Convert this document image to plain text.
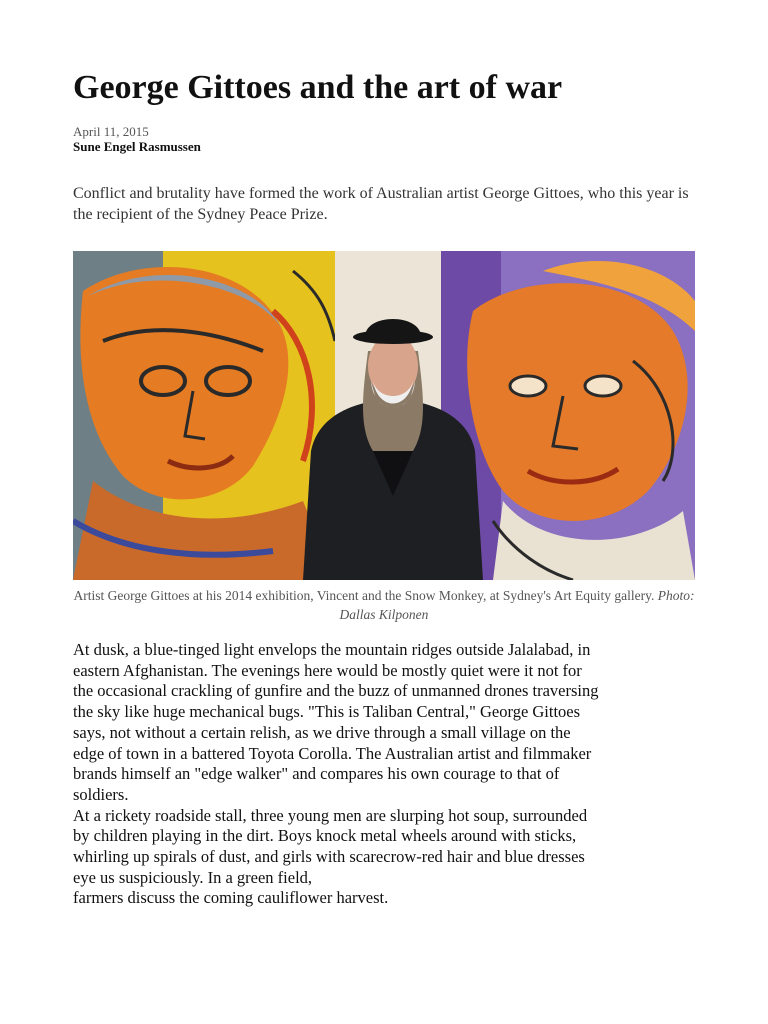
George Gittoes and the art of war
April 11, 2015
Sune Engel Rasmussen

Conflict and brutality have formed the work of Australian artist George Gittoes, who this year is the recipient of the Sydney Peace Prize.

Artist George Gittoes at his 2014 exhibition, Vincent and the Snow Monkey, at Sydney's Art Equity gallery. Photo: Dallas Kilponen

At dusk, a blue-tinged light envelops the mountain ridges outside Jalalabad, in
eastern Afghanistan. The evenings here would be mostly quiet were it not for
the occasional crackling of gunfire and the buzz of unmanned drones traversing
the sky like huge mechanical bugs. "This is Taliban Central," George Gittoes
says, not without a certain relish, as we drive through a small village on the
edge of town in a battered Toyota Corolla. The Australian artist and filmmaker
brands himself an "edge walker" and compares his own courage to that of
soldiers.

At a rickety roadside stall, three young men are slurping hot soup, surrounded
by children playing in the dirt. Boys knock metal wheels around with sticks,
whirling up spirals of dust, and girls with scarecrow-red hair and blue dresses
eye us suspiciously. In a green field,
farmers discuss the coming cauliflower harvest.
